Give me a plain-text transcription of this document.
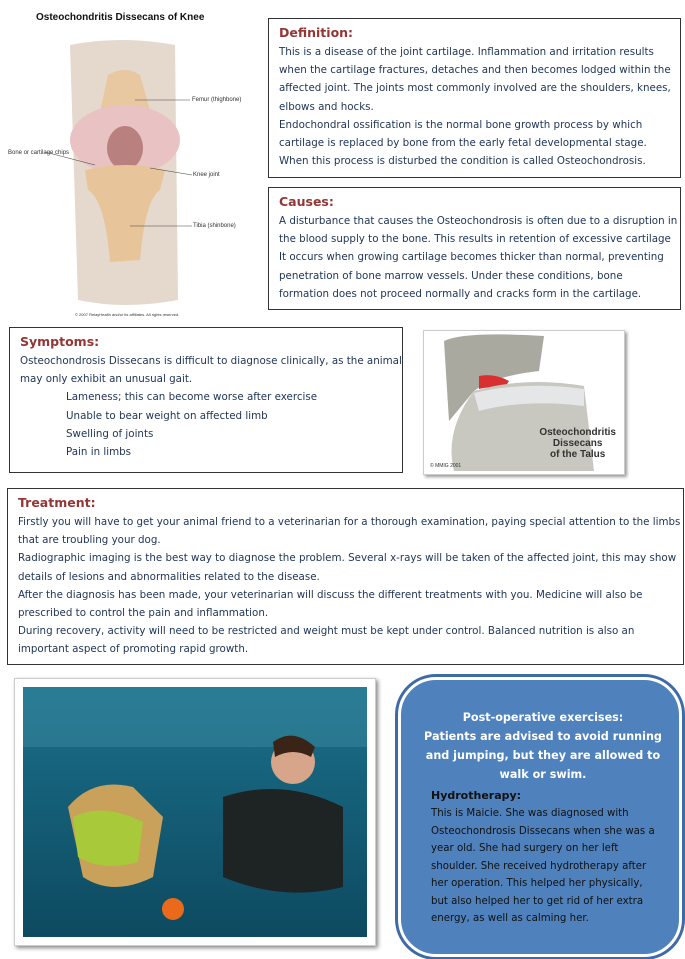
Osteochondritis Dissecans of Knee
Femur (thighbone)
Bone or cartilage chips
Knee joint
Tibia (shinbone)
© 2007 RelayHealth and/or its affiliates. All rights reserved.
Definition:
This is a disease of the joint cartilage. Inflammation and irritation results
when the cartilage fractures, detaches and then becomes lodged within the
affected joint. The joints most commonly involved are the shoulders, knees,
elbows and hocks.
Endochondral ossification is the normal bone growth process by which
cartilage is replaced by bone from the early fetal developmental stage.
When this process is disturbed the condition is called Osteochondrosis.
Causes:
A disturbance that causes the Osteochondrosis is often due to a disruption in
the blood supply to the bone. This results in retention of excessive cartilage
It occurs when growing cartilage becomes thicker than normal, preventing
penetration of bone marrow vessels. Under these conditions, bone
formation does not proceed normally and cracks form in the cartilage.
Symptoms:
Osteochondrosis Dissecans is difficult to diagnose clinically, as the animal
may only exhibit an unusual gait.
Lameness; this can become worse after exercise
Unable to bear weight on affected limb
Swelling of joints
Pain in limbs
Osteochondritis
Dissecans
of the Talus
© MMIG 2001
Treatment:
Firstly you will have to get your animal friend to a veterinarian for a thorough examination, paying special attention to the limbs
that are troubling your dog.
Radiographic imaging is the best way to diagnose the problem. Several x-rays will be taken of the affected joint, this may show
details of lesions and abnormalities related to the disease.
After the diagnosis has been made, your veterinarian will discuss the different treatments with you. Medicine will also be
prescribed to control the pain and inflammation.
During recovery, activity will need to be restricted and weight must be kept under control. Balanced nutrition is also an
important aspect of promoting rapid growth.
Post-operative exercises:
Patients are advised to avoid running
and jumping, but they are allowed to
walk or swim.
Hydrotherapy:
This is Maicie. She was diagnosed with
Osteochondrosis Dissecans when she was a
year old. She had surgery on her left
shoulder. She received hydrotherapy after
her operation. This helped her physically,
but also helped her to get rid of her extra
energy, as well as calming her.
